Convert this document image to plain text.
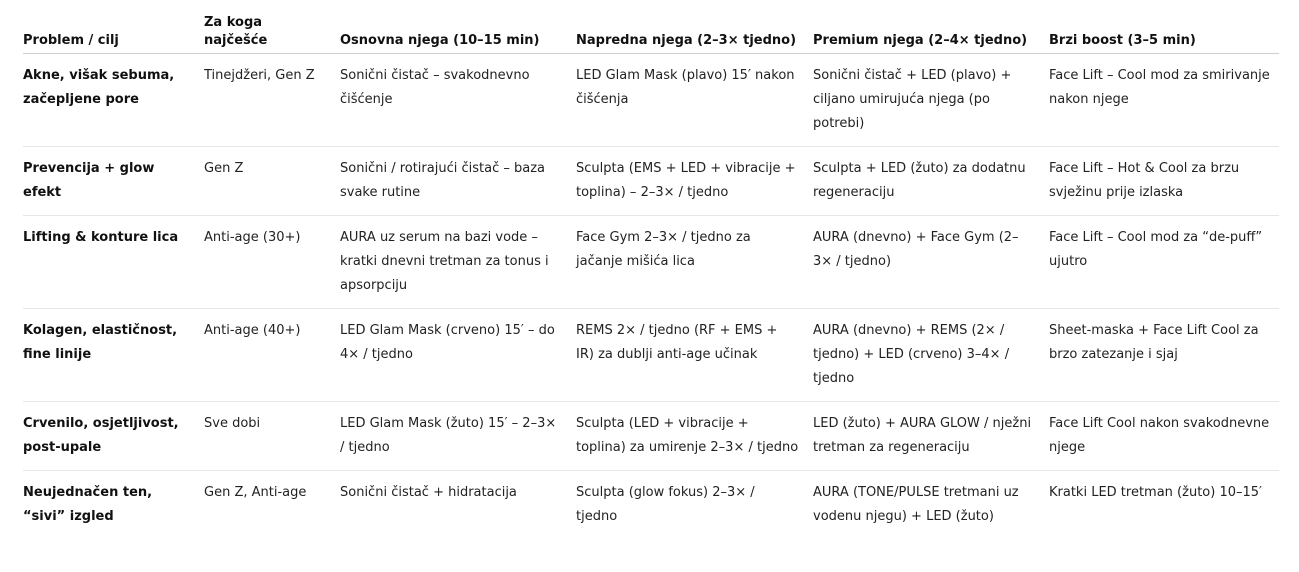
Problem / cilj	Za koga najčešće	Osnovna njega (10–15 min)	Napredna njega (2–3× tjedno)	Premium njega (2–4× tjedno)	Brzi boost (3–5 min)
Akne, višak sebuma, začepljene pore	Tinejdžeri, Gen Z	Sonični čistač – svakodnevno čišćenje	LED Glam Mask (plavo) 15′ nakon čišćenja	Sonični čistač + LED (plavo) + ciljano umirujuća njega (po potrebi)	Face Lift – Cool mod za smirivanje nakon njege
Prevencija + glow efekt	Gen Z	Sonični / rotirajući čistač – baza svake rutine	Sculpta (EMS + LED + vibracije + toplina) – 2–3× / tjedno	Sculpta + LED (žuto) za dodatnu regeneraciju	Face Lift – Hot & Cool za brzu svježinu prije izlaska
Lifting & konture lica	Anti-age (30+)	AURA uz serum na bazi vode – kratki dnevni tretman za tonus i apsorpciju	Face Gym 2–3× / tjedno za jačanje mišića lica	AURA (dnevno) + Face Gym (2–3× / tjedno)	Face Lift – Cool mod za “de-puff” ujutro
Kolagen, elastičnost, fine linije	Anti-age (40+)	LED Glam Mask (crveno) 15′ – do 4× / tjedno	REMS 2× / tjedno (RF + EMS + IR) za dublji anti-age učinak	AURA (dnevno) + REMS (2× / tjedno) + LED (crveno) 3–4× / tjedno	Sheet-maska + Face Lift Cool za brzo zatezanje i sjaj
Crvenilo, osjetljivost, post-upale	Sve dobi	LED Glam Mask (žuto) 15′ – 2–3× / tjedno	Sculpta (LED + vibracije + toplina) za umirenje 2–3× / tjedno	LED (žuto) + AURA GLOW / nježni tretman za regeneraciju	Face Lift Cool nakon svakodnevne njege
Neujednačen ten, “sivi” izgled	Gen Z, Anti-age	Sonični čistač + hidratacija	Sculpta (glow fokus) 2–3× / tjedno	AURA (TONE/PULSE tretmani uz vodenu njegu) + LED (žuto)	Kratki LED tretman (žuto) 10–15′
